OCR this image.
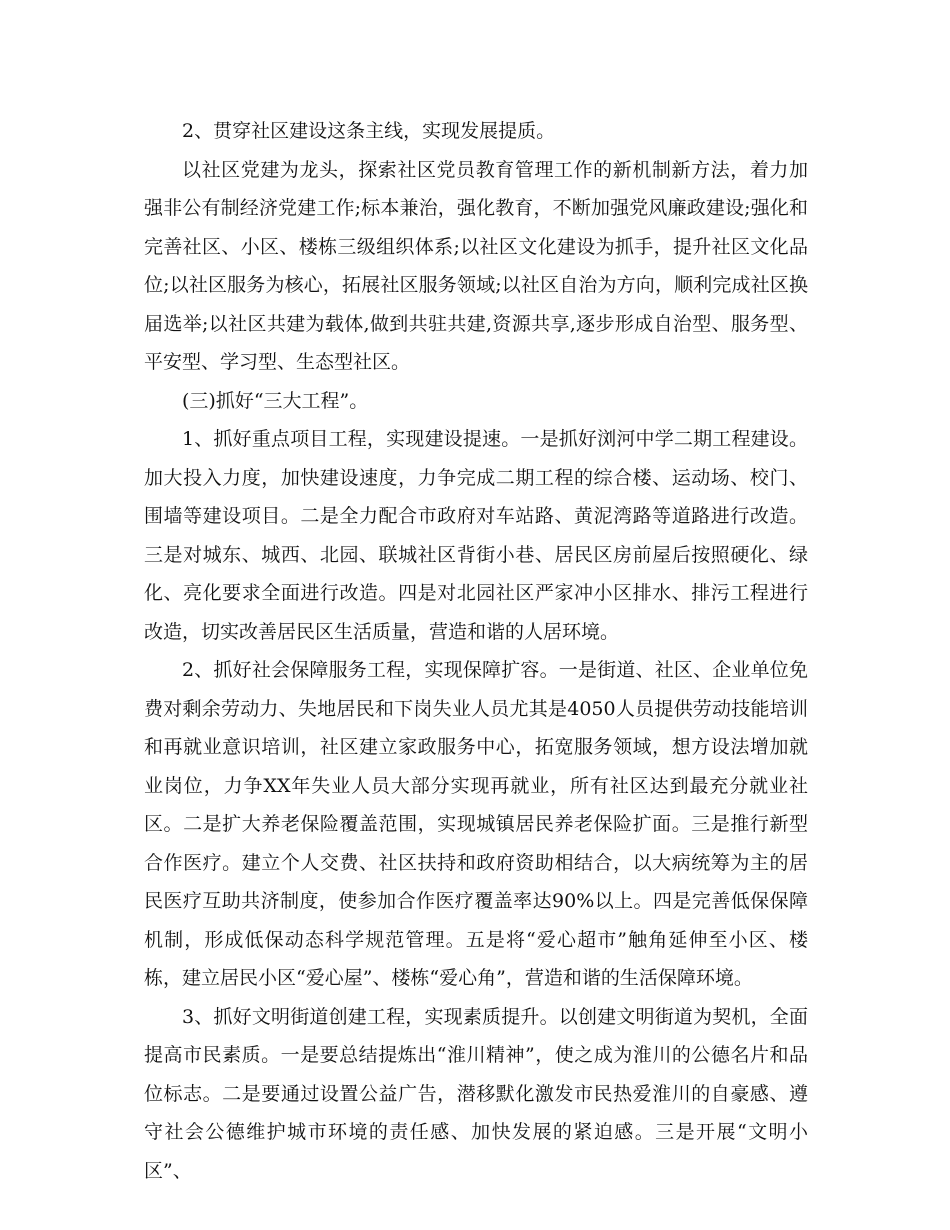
2、贯穿社区建设这条主线，实现发展提质。

以社区党建为龙头，探索社区党员教育管理工作的新机制新方法，着力加强非公有制经济党建工作;标本兼治，强化教育，不断加强党风廉政建设;强化和完善社区、小区、楼栋三级组织体系;以社区文化建设为抓手，提升社区文化品位;以社区服务为核心，拓展社区服务领域;以社区自治为方向，顺利完成社区换届选举;以社区共建为载体,做到共驻共建,资源共享,逐步形成自治型、服务型、平安型、学习型、生态型社区。

(三)抓好“三大工程”。

1、抓好重点项目工程，实现建设提速。一是抓好浏河中学二期工程建设。加大投入力度，加快建设速度，力争完成二期工程的综合楼、运动场、校门、围墙等建设项目。二是全力配合市政府对车站路、黄泥湾路等道路进行改造。三是对城东、城西、北园、联城社区背街小巷、居民区房前屋后按照硬化、绿化、亮化要求全面进行改造。四是对北园社区严家冲小区排水、排污工程进行改造，切实改善居民区生活质量，营造和谐的人居环境。

2、抓好社会保障服务工程，实现保障扩容。一是街道、社区、企业单位免费对剩余劳动力、失地居民和下岗失业人员尤其是4050人员提供劳动技能培训和再就业意识培训，社区建立家政服务中心，拓宽服务领域，想方设法增加就业岗位，力争XX年失业人员大部分实现再就业，所有社区达到最充分就业社区。二是扩大养老保险覆盖范围，实现城镇居民养老保险扩面。三是推行新型合作医疗。建立个人交费、社区扶持和政府资助相结合，以大病统筹为主的居民医疗互助共济制度，使参加合作医疗覆盖率达90%以上。四是完善低保保障机制，形成低保动态科学规范管理。五是将“爱心超市”触角延伸至小区、楼栋，建立居民小区“爱心屋”、楼栋“爱心角”，营造和谐的生活保障环境。

3、抓好文明街道创建工程，实现素质提升。以创建文明街道为契机，全面提高市民素质。一是要总结提炼出“淮川精神”，使之成为淮川的公德名片和品位标志。二是要通过设置公益广告，潜移默化激发市民热爱淮川的自豪感、遵守社会公德维护城市环境的责任感、加快发展的紧迫感。三是开展“文明小区”、
